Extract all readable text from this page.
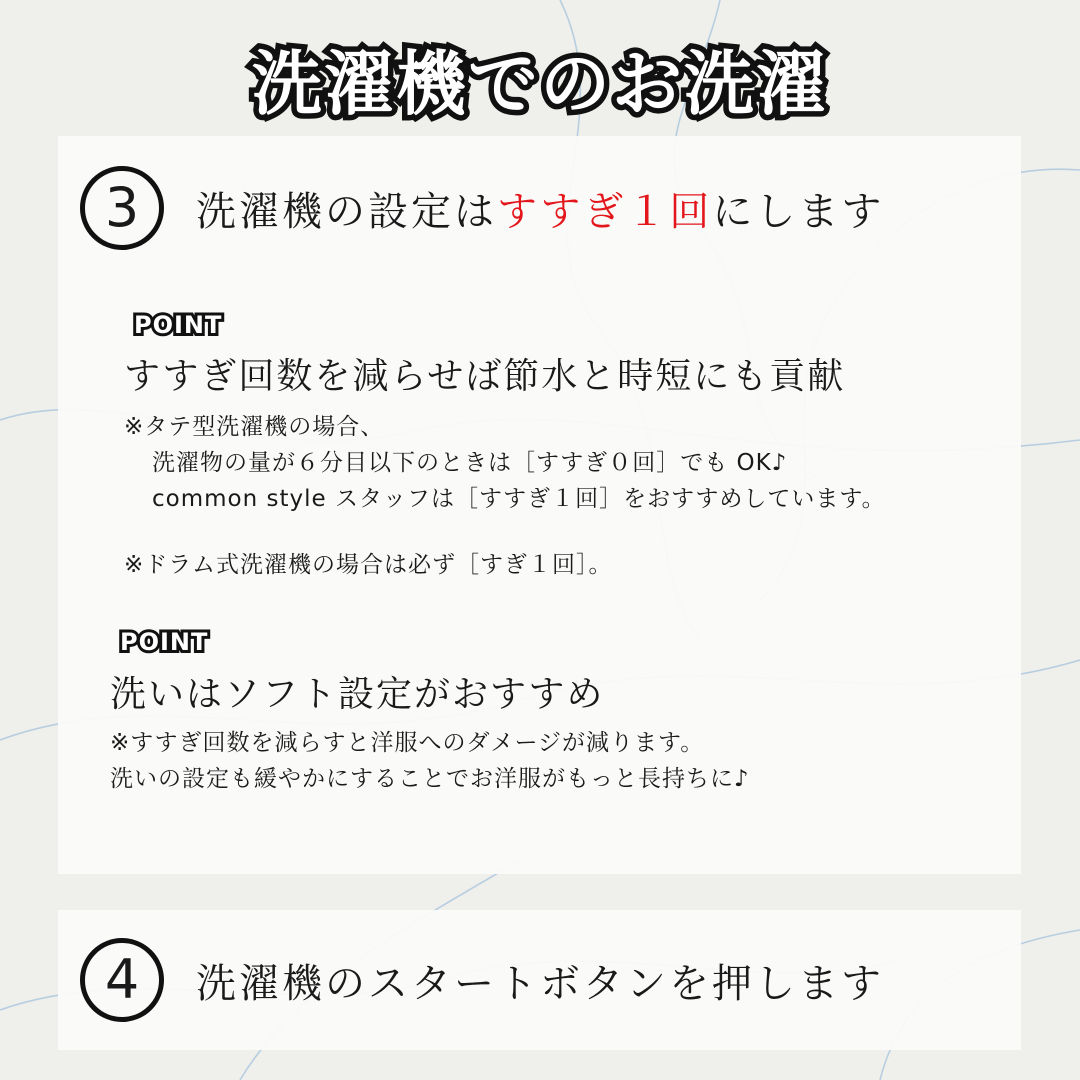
洗濯機でのお洗濯
3	洗濯機の設定はすすぎ１回にします
POINT
すすぎ回数を減らせば節水と時短にも貢献
※タテ型洗濯機の場合、
洗濯物の量が６分目以下のときは［すすぎ０回］でも OK♪
common style スタッフは［すすぎ１回］をおすすめしています。
※ドラム式洗濯機の場合は必ず［すぎ１回］。
POINT
洗いはソフト設定がおすすめ
※すすぎ回数を減らすと洋服へのダメージが減ります。
洗いの設定も緩やかにすることでお洋服がもっと長持ちに♪
4	洗濯機のスタートボタンを押します
